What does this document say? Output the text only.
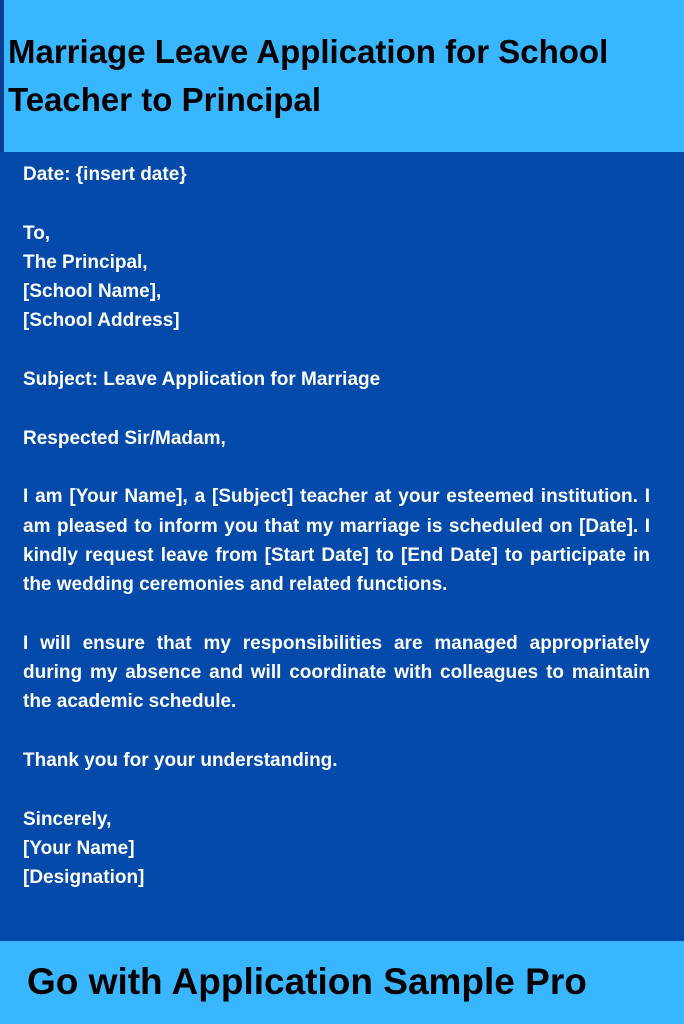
Marriage Leave Application for School Teacher to Principal

Date: {insert date}

To,

The Principal,

[School Name],

[School Address]

Subject: Leave Application for Marriage

Respected Sir/Madam,

I am [Your Name], a [Subject] teacher at your esteemed institution. I am pleased to inform you that my marriage is scheduled on [Date]. I kindly request leave from [Start Date] to [End Date] to participate in the wedding ceremonies and related functions.

I will ensure that my responsibilities are managed appropriately during my absence and will coordinate with colleagues to maintain the academic schedule.

Thank you for your understanding.

Sincerely,

[Your Name]

[Designation]

Go with Application Sample Pro
